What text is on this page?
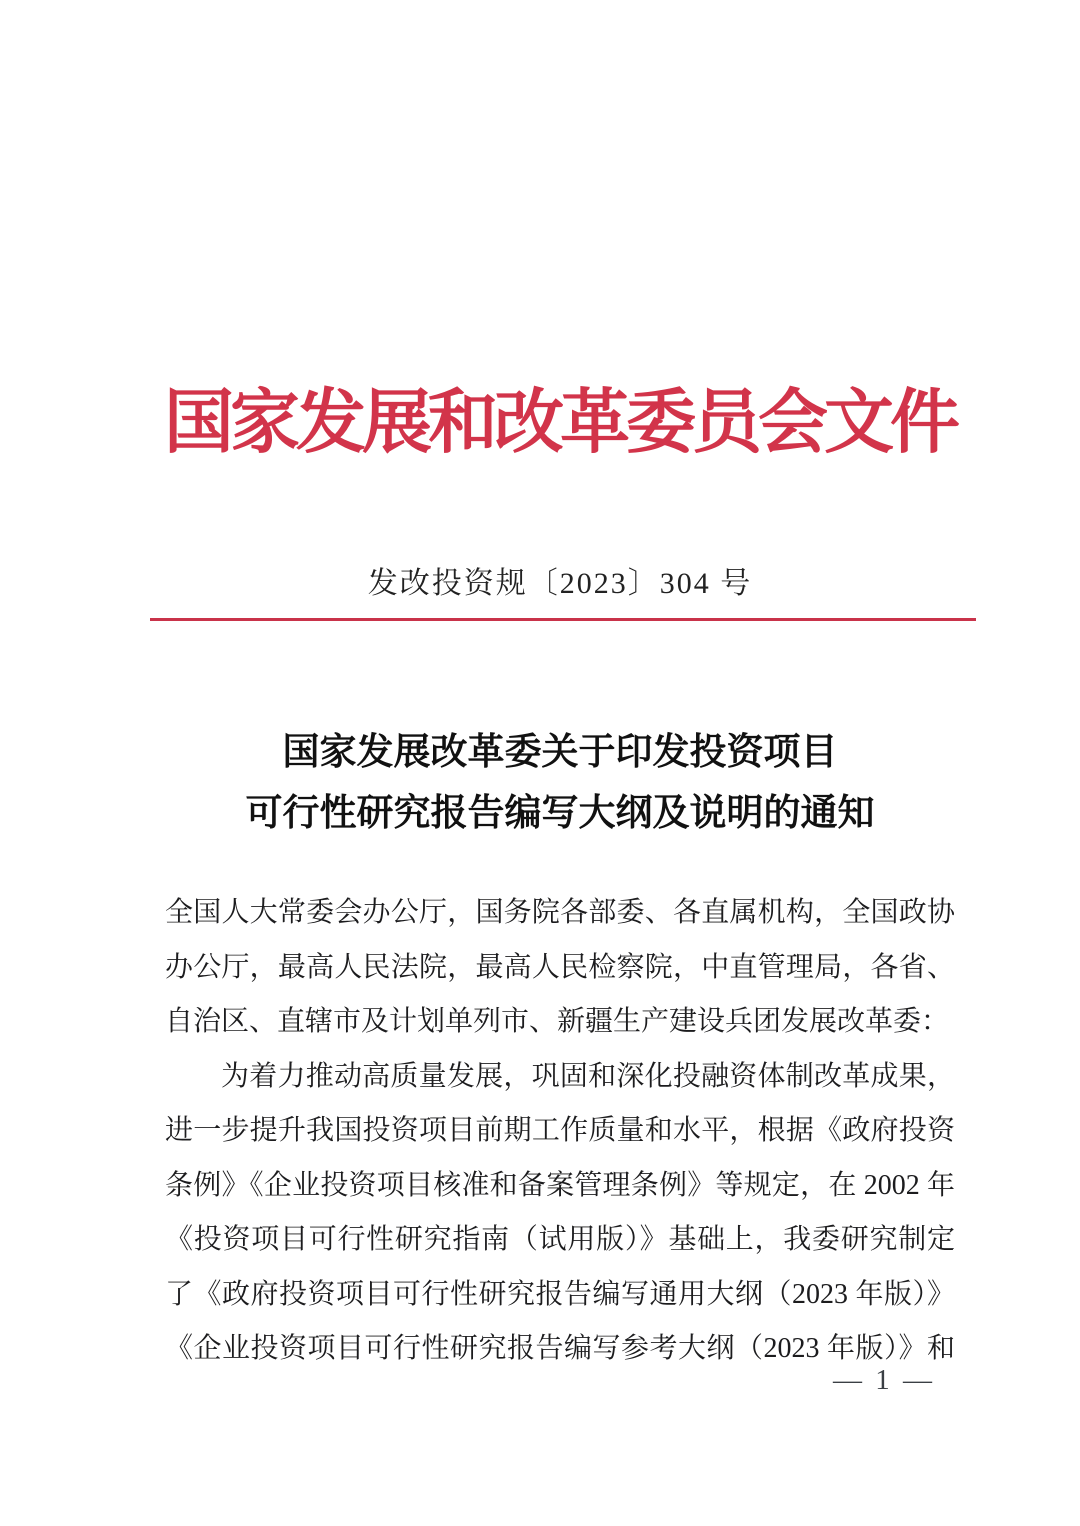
国家发展和改革委员会文件
发改投资规〔2023〕304 号
国家发展改革委关于印发投资项目
可行性研究报告编写大纲及说明的通知
全国人大常委会办公厅，国务院各部委、各直属机构，全国政协
办公厅，最高人民法院，最高人民检察院，中直管理局，各省、
自治区、直辖市及计划单列市、新疆生产建设兵团发展改革委：
为着力推动高质量发展，巩固和深化投融资体制改革成果，
进一步提升我国投资项目前期工作质量和水平，根据《政府投资
条例》《企业投资项目核准和备案管理条例》等规定，在 2002 年
《投资项目可行性研究指南（试用版）》基础上，我委研究制定
了《政府投资项目可行性研究报告编写通用大纲（2023 年版）》
《企业投资项目可行性研究报告编写参考大纲（2023 年版）》和
— 1 —
